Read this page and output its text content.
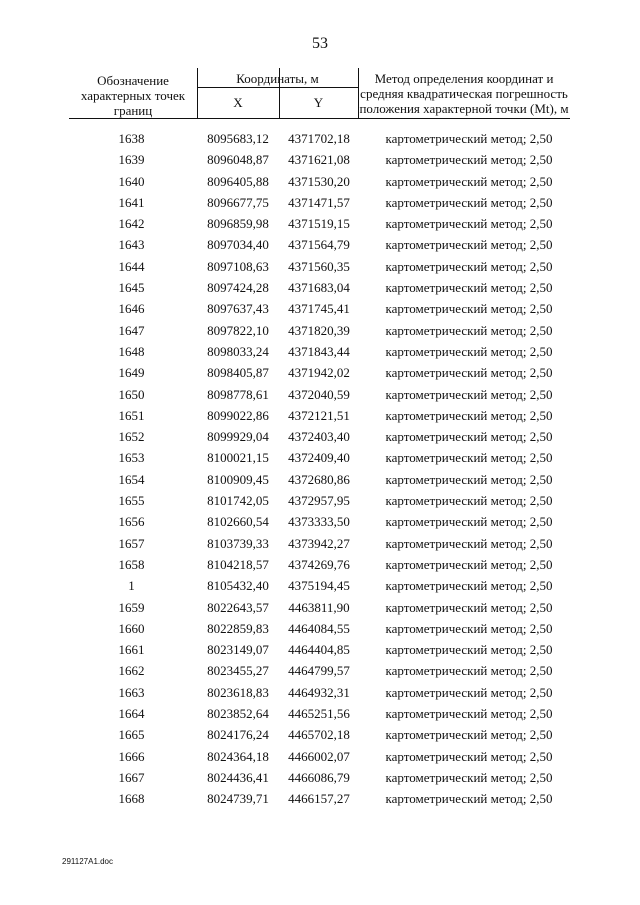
53
Обозначение
характерных точек
границ
Координаты, м
X	Y
Метод определения координат и
средняя квадратическая погрешность
положения характерной точки (Mt), м
1638	8095683,12	4371702,18	картометрический метод; 2,50
1639	8096048,87	4371621,08	картометрический метод; 2,50
1640	8096405,88	4371530,20	картометрический метод; 2,50
1641	8096677,75	4371471,57	картометрический метод; 2,50
1642	8096859,98	4371519,15	картометрический метод; 2,50
1643	8097034,40	4371564,79	картометрический метод; 2,50
1644	8097108,63	4371560,35	картометрический метод; 2,50
1645	8097424,28	4371683,04	картометрический метод; 2,50
1646	8097637,43	4371745,41	картометрический метод; 2,50
1647	8097822,10	4371820,39	картометрический метод; 2,50
1648	8098033,24	4371843,44	картометрический метод; 2,50
1649	8098405,87	4371942,02	картометрический метод; 2,50
1650	8098778,61	4372040,59	картометрический метод; 2,50
1651	8099022,86	4372121,51	картометрический метод; 2,50
1652	8099929,04	4372403,40	картометрический метод; 2,50
1653	8100021,15	4372409,40	картометрический метод; 2,50
1654	8100909,45	4372680,86	картометрический метод; 2,50
1655	8101742,05	4372957,95	картометрический метод; 2,50
1656	8102660,54	4373333,50	картометрический метод; 2,50
1657	8103739,33	4373942,27	картометрический метод; 2,50
1658	8104218,57	4374269,76	картометрический метод; 2,50
1	8105432,40	4375194,45	картометрический метод; 2,50
1659	8022643,57	4463811,90	картометрический метод; 2,50
1660	8022859,83	4464084,55	картометрический метод; 2,50
1661	8023149,07	4464404,85	картометрический метод; 2,50
1662	8023455,27	4464799,57	картометрический метод; 2,50
1663	8023618,83	4464932,31	картометрический метод; 2,50
1664	8023852,64	4465251,56	картометрический метод; 2,50
1665	8024176,24	4465702,18	картометрический метод; 2,50
1666	8024364,18	4466002,07	картометрический метод; 2,50
1667	8024436,41	4466086,79	картометрический метод; 2,50
1668	8024739,71	4466157,27	картометрический метод; 2,50
291127A1.doc
